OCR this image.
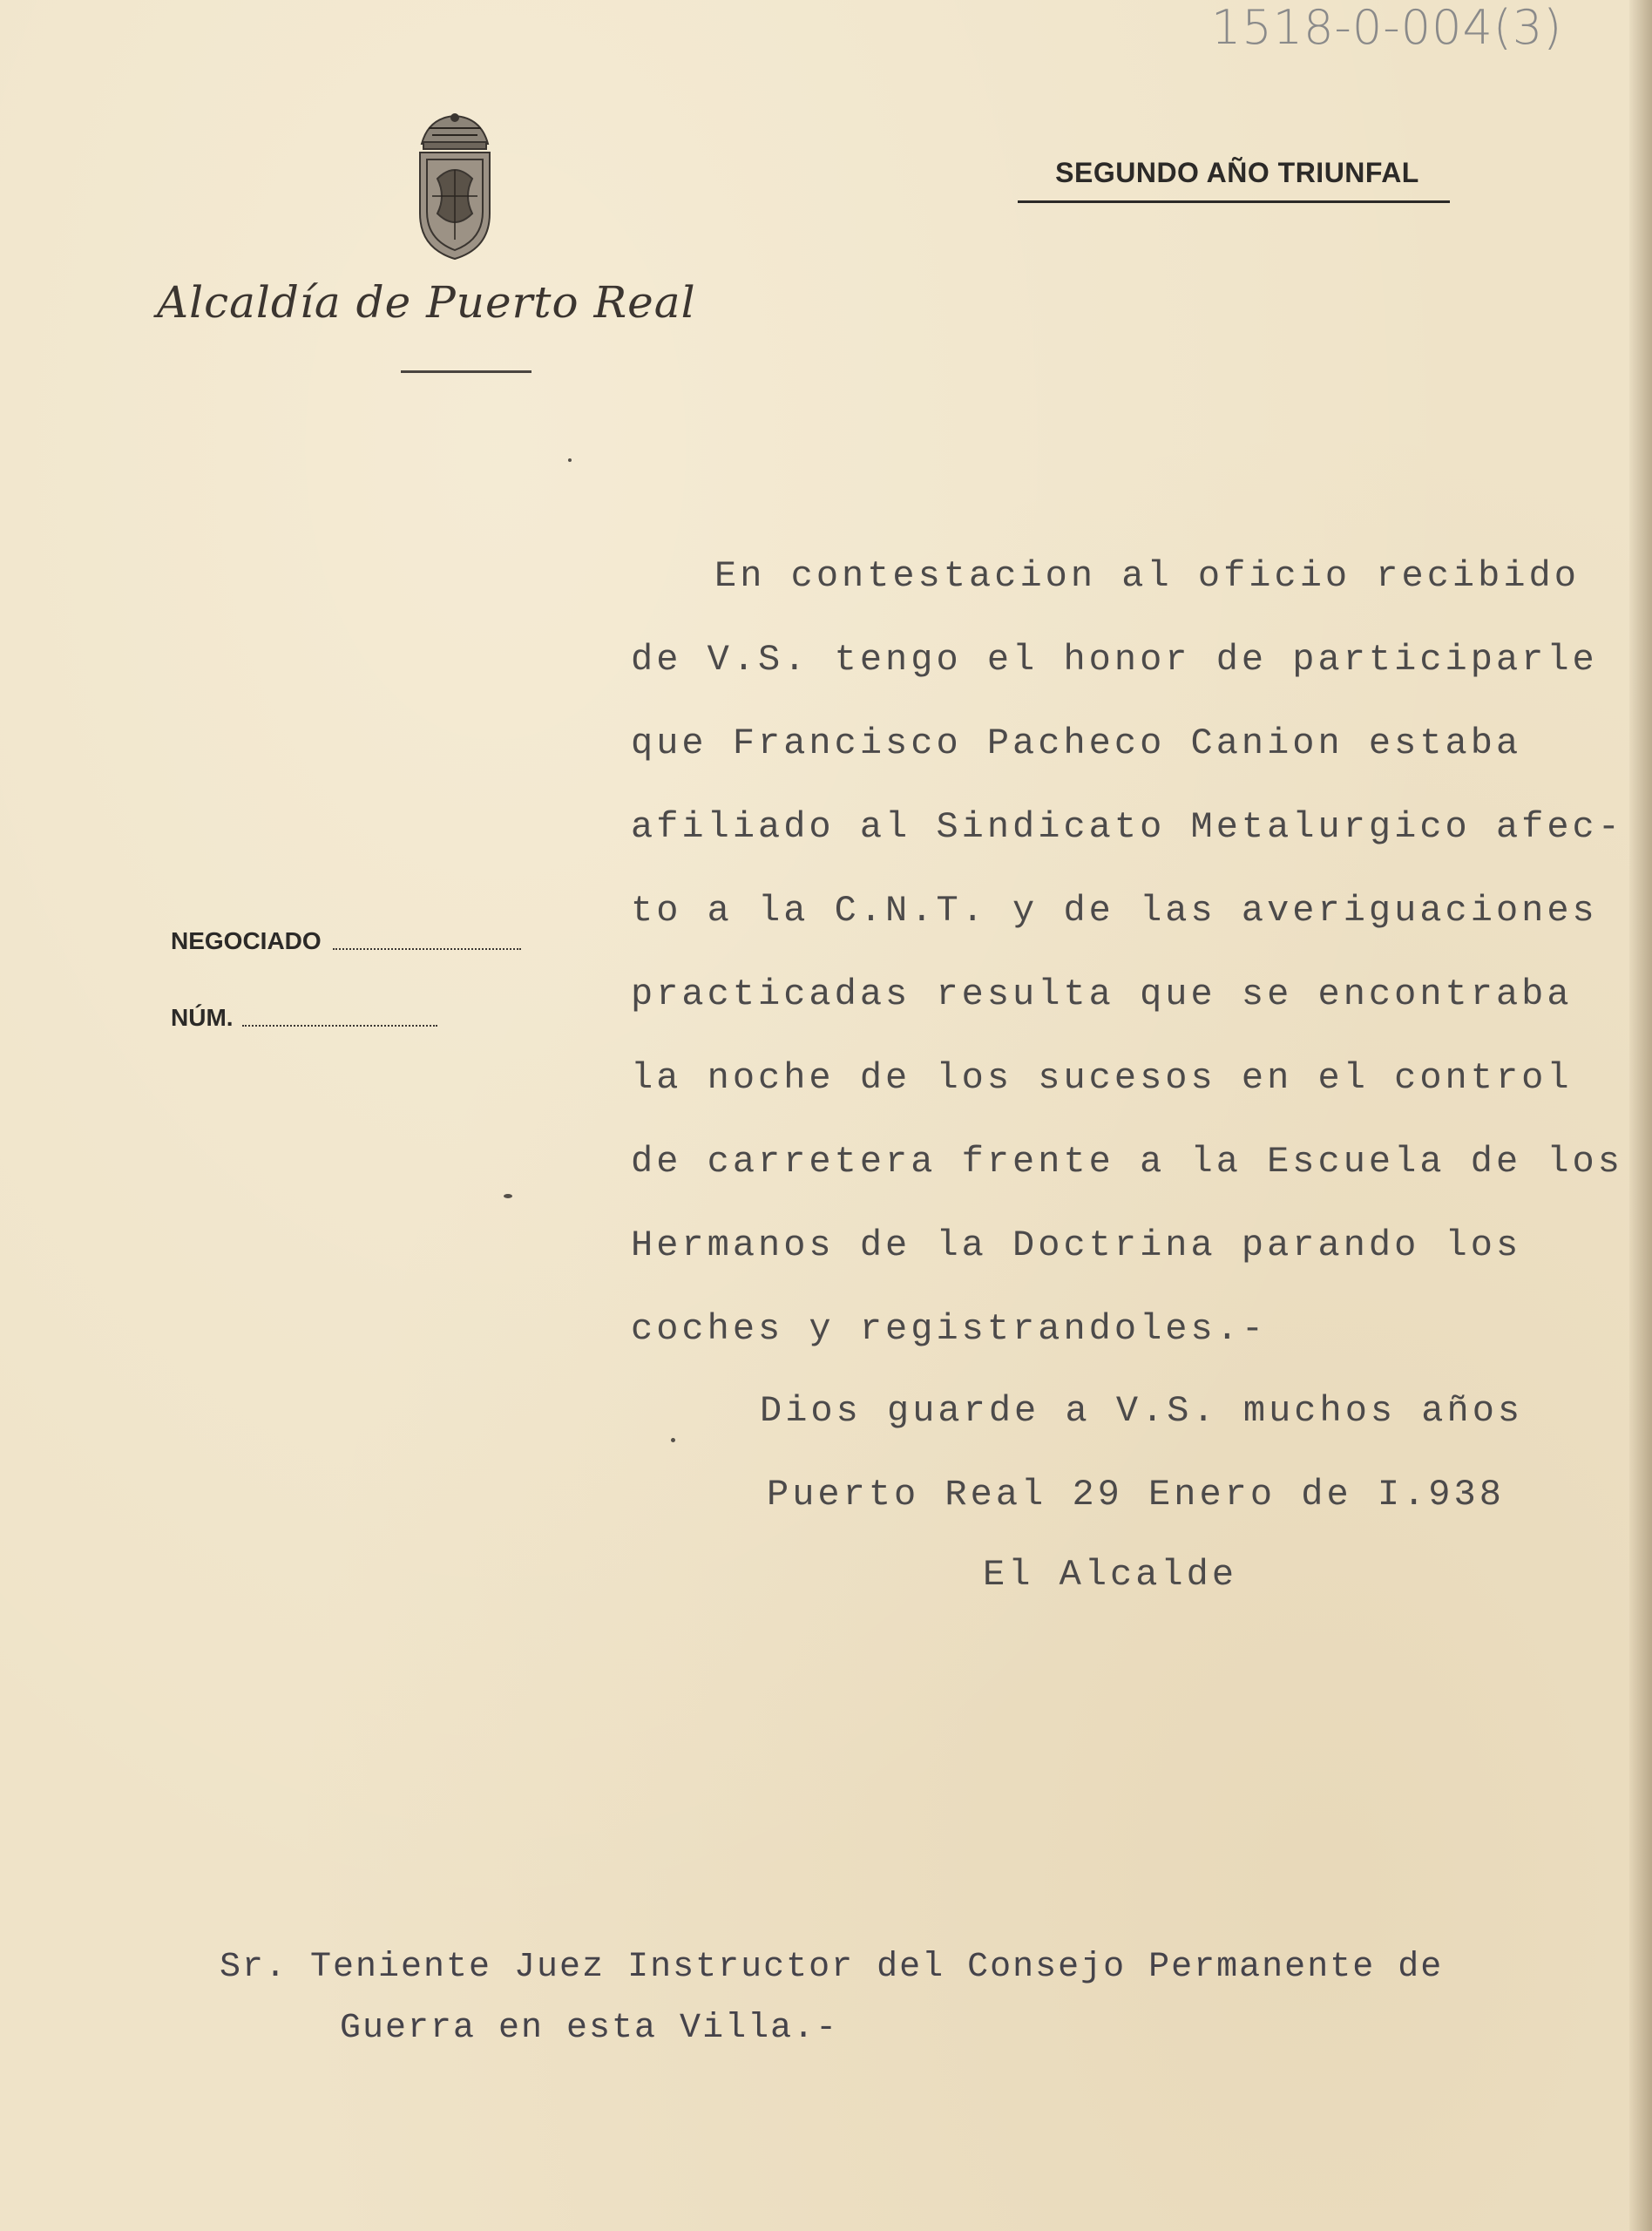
1518-0-004(3)
Alcaldía de Puerto Real
SEGUNDO AÑO TRIUNFAL
NEGOCIADO
NÚM.
En contestacion al oficio recibido
de V.S. tengo el honor de participarle
que Francisco Pacheco Canion estaba
afiliado al Sindicato Metalurgico afec-
to a la C.N.T. y de las averiguaciones
practicadas resulta que se encontraba
la noche de los sucesos en el control
de carretera frente a la Escuela de los
Hermanos de la Doctrina parando los
coches y registrandoles.-
Dios guarde a V.S. muchos años
Puerto Real 29 Enero de I.938
El Alcalde
Sr. Teniente Juez Instructor del Consejo Permanente de
Guerra en esta Villa.-
